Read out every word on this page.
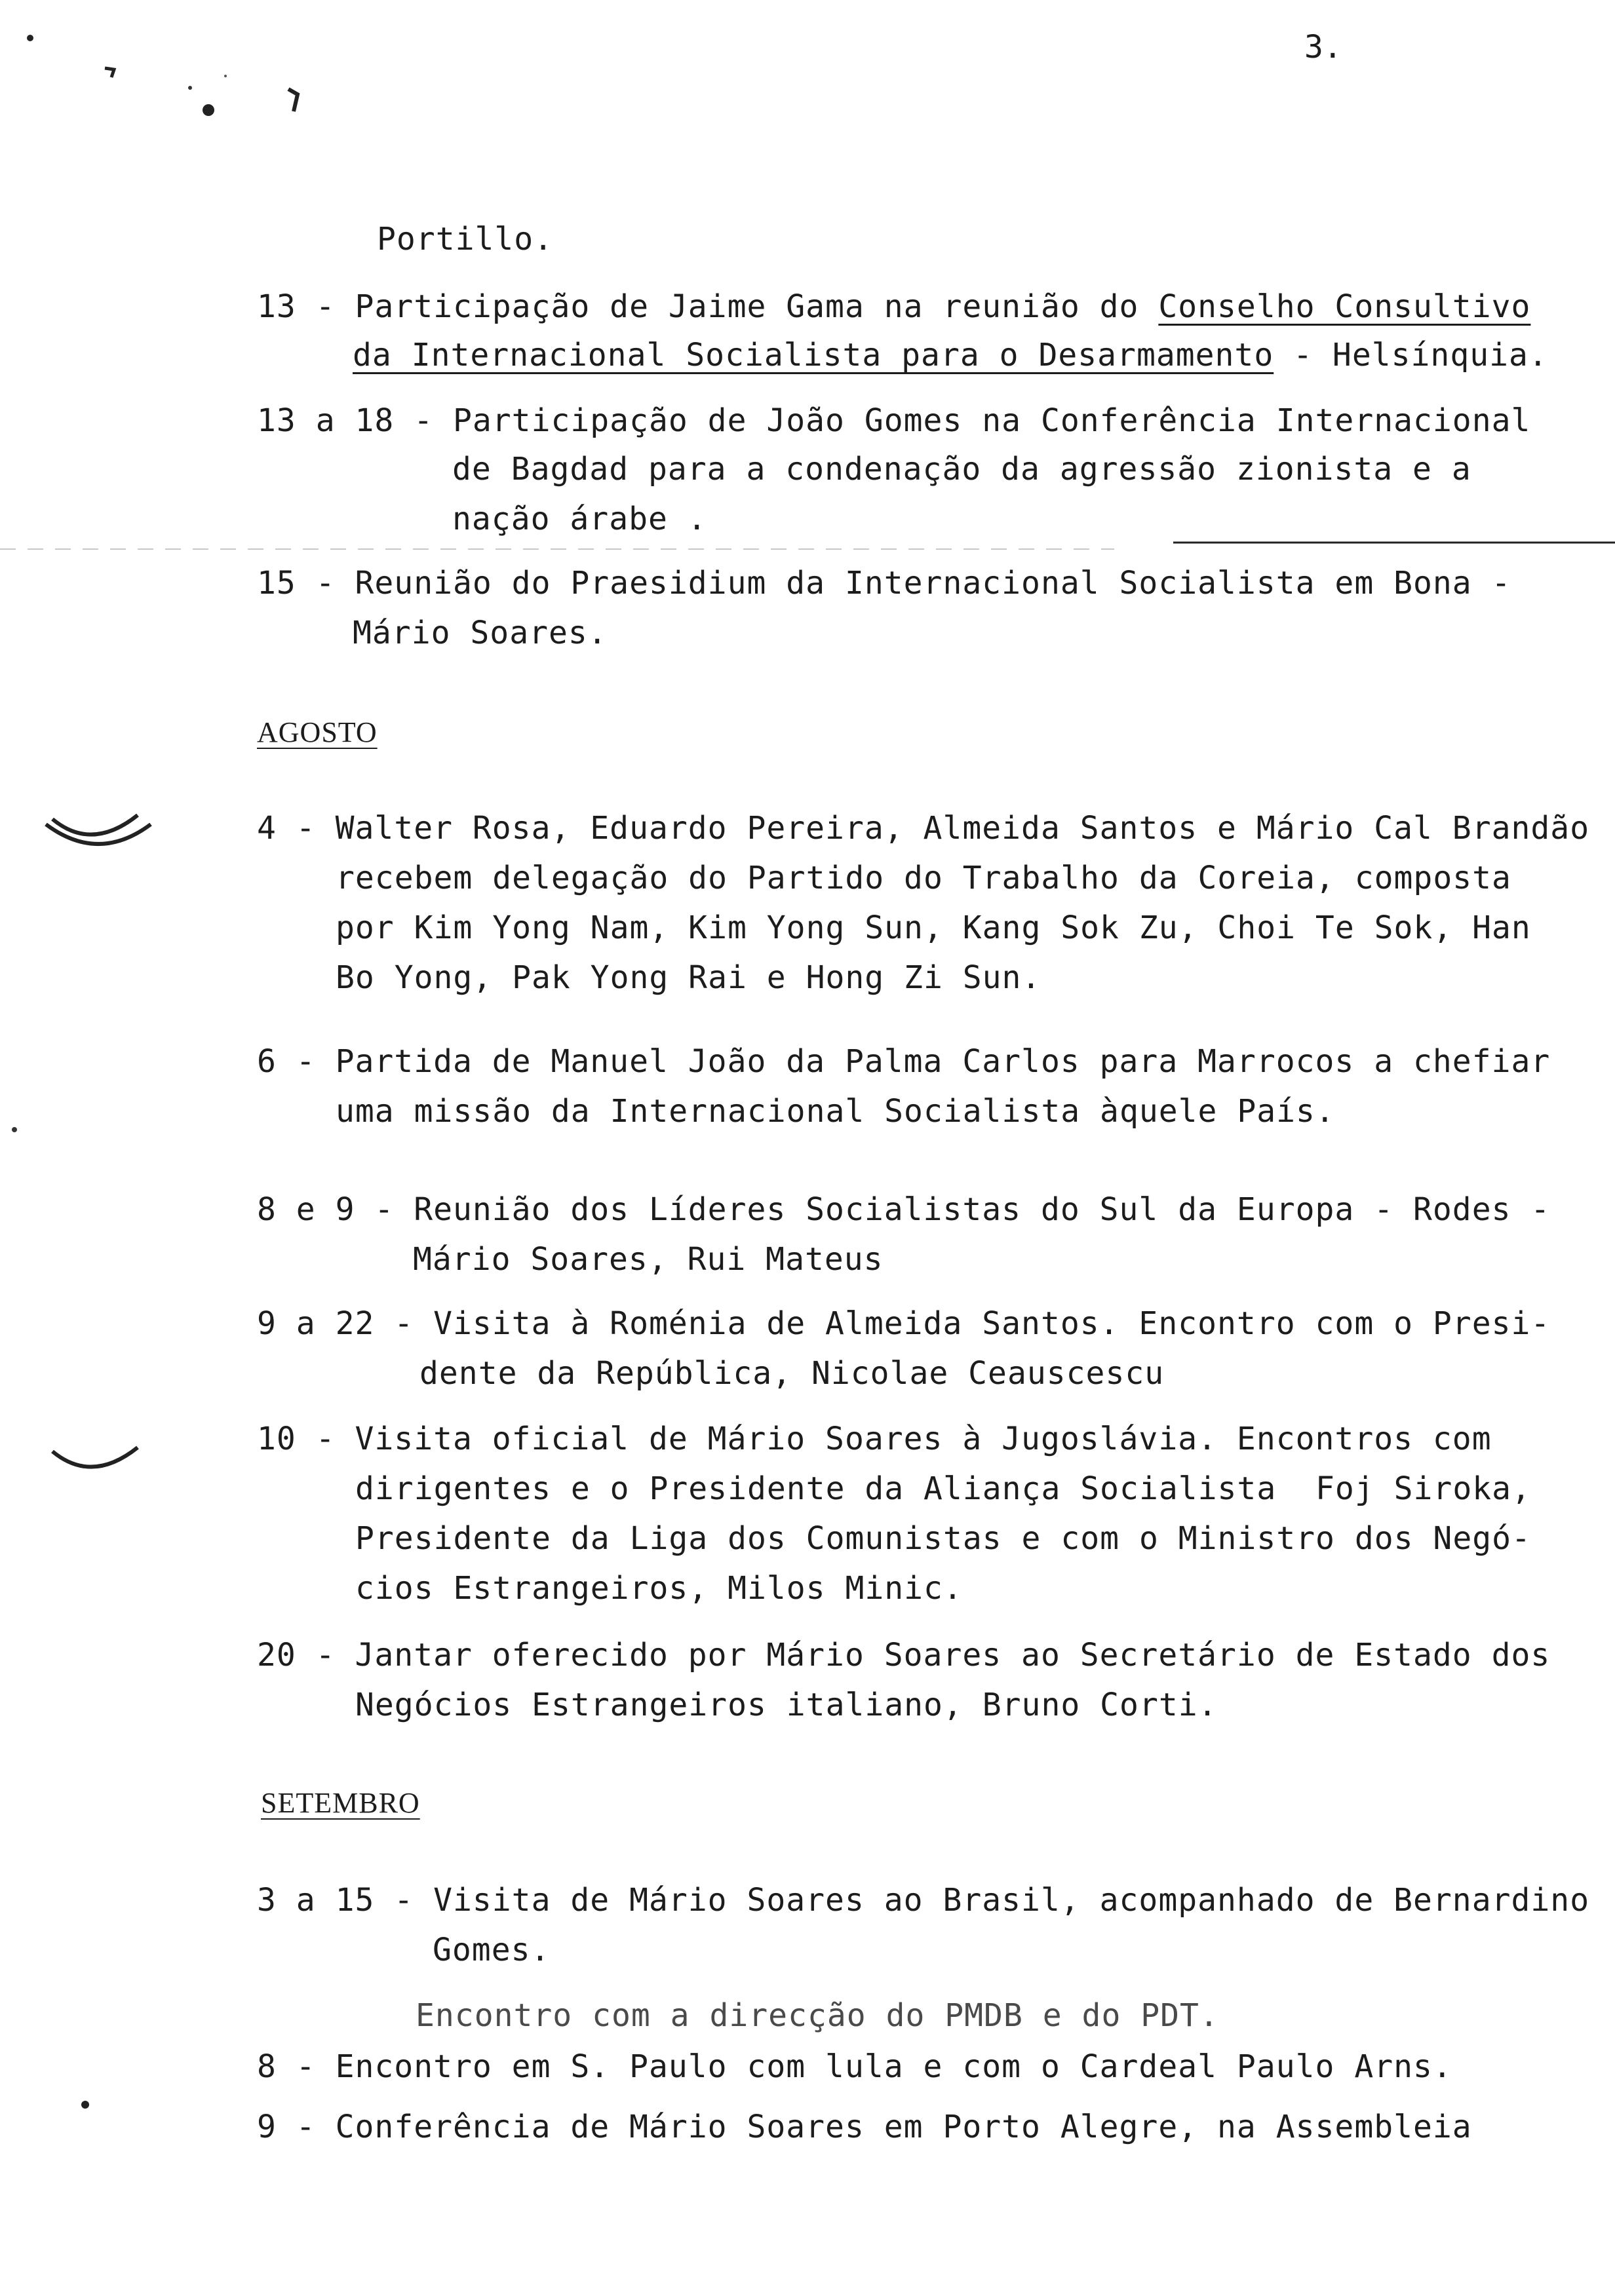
3.
Portillo.
13 - Participação de Jaime Gama na reunião do Conselho Consultivo
da Internacional Socialista para o Desarmamento - Helsínquia.
13 a 18 - Participação de João Gomes na Conferência Internacional
de Bagdad para a condenação da agressão zionista e a
nação árabe .
15 - Reunião do Praesidium da Internacional Socialista em Bona -
Mário Soares.
AGOSTO
4 - Walter Rosa, Eduardo Pereira, Almeida Santos e Mário Cal Brandão
recebem delegação do Partido do Trabalho da Coreia, composta
por Kim Yong Nam, Kim Yong Sun, Kang Sok Zu, Choi Te Sok, Han
Bo Yong, Pak Yong Rai e Hong Zi Sun.
6 - Partida de Manuel João da Palma Carlos para Marrocos a chefiar
uma missão da Internacional Socialista àquele País.
8 e 9 - Reunião dos Líderes Socialistas do Sul da Europa - Rodes -
Mário Soares, Rui Mateus
9 a 22 - Visita à Roménia de Almeida Santos. Encontro com o Presi-
dente da República, Nicolae Ceauscescu
10 - Visita oficial de Mário Soares à Jugoslávia. Encontros com
dirigentes e o Presidente da Aliança Socialista  Foj Siroka,
Presidente da Liga dos Comunistas e com o Ministro dos Negó-
cios Estrangeiros, Milos Minic.
20 - Jantar oferecido por Mário Soares ao Secretário de Estado dos
Negócios Estrangeiros italiano, Bruno Corti.
SETEMBRO
3 a 15 - Visita de Mário Soares ao Brasil, acompanhado de Bernardino
Gomes.
Encontro com a direcção do PMDB e do PDT.
8 - Encontro em S. Paulo com lula e com o Cardeal Paulo Arns.
9 - Conferência de Mário Soares em Porto Alegre, na Assembleia
